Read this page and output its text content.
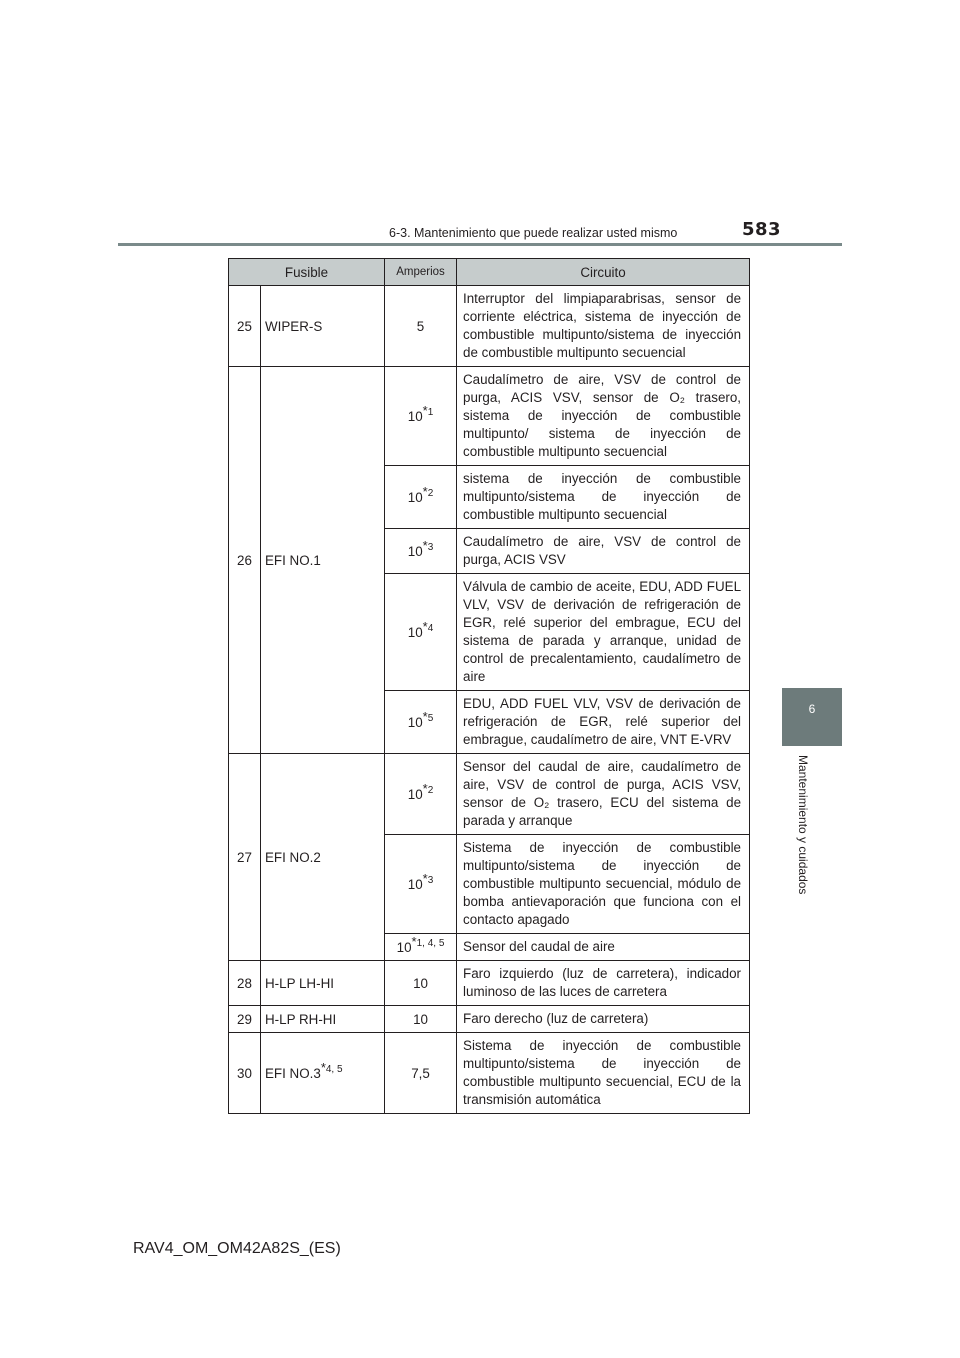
6-3. Mantenimiento que puede realizar usted mismo	583
6
Mantenimiento y cuidados
Fusible		Amperios	Circuito
25	WIPER-S	5	Interruptor del limpiaparabrisas, sensor de corriente eléctrica, sistema de inyección de combustible multipunto/sistema de inyección de combustible multipunto secuencial
26	EFI NO.1	10$^{*1}$	Caudalímetro de aire, VSV de control de purga, ACIS VSV, sensor de O₂ trasero, sistema de inyección de combustible multipunto/ sistema de inyección de combustible multipunto secuencial
		10$^{*2}$	sistema de inyección de combustible multipunto/sistema de inyección de combustible multipunto secuencial
		10$^{*3}$	Caudalímetro de aire, VSV de control de purga, ACIS VSV
		10$^{*4}$	Válvula de cambio de aceite, EDU, ADD FUEL VLV, VSV de derivación de refrigeración de EGR, relé superior del embrague, ECU del sistema de parada y arranque, unidad de control de precalentamiento, caudalímetro de aire
		10$^{*5}$	EDU, ADD FUEL VLV, VSV de derivación de refrigeración de EGR, relé superior del embrague, caudalímetro de aire, VNT E-VRV
27	EFI NO.2	10$^{*2}$	Sensor del caudal de aire, caudalímetro de aire, VSV de control de purga, ACIS VSV, sensor de O₂ trasero, ECU del sistema de parada y arranque
		10$^{*3}$	Sistema de inyección de combustible multipunto/sistema de inyección de combustible multipunto secuencial, módulo de bomba antievaporación que funciona con el contacto apagado
		10$^{*1, 4, 5}$	Sensor del caudal de aire
28	H-LP LH-HI	10	Faro izquierdo (luz de carretera), indicador luminoso de las luces de carretera
29	H-LP RH-HI	10	Faro derecho (luz de carretera)
30	EFI NO.3$^{*4, 5}$	7,5	Sistema de inyección de combustible multipunto/sistema de inyección de combustible multipunto secuencial, ECU de la transmisión automática
RAV4_OM_OM42A82S_(ES)
